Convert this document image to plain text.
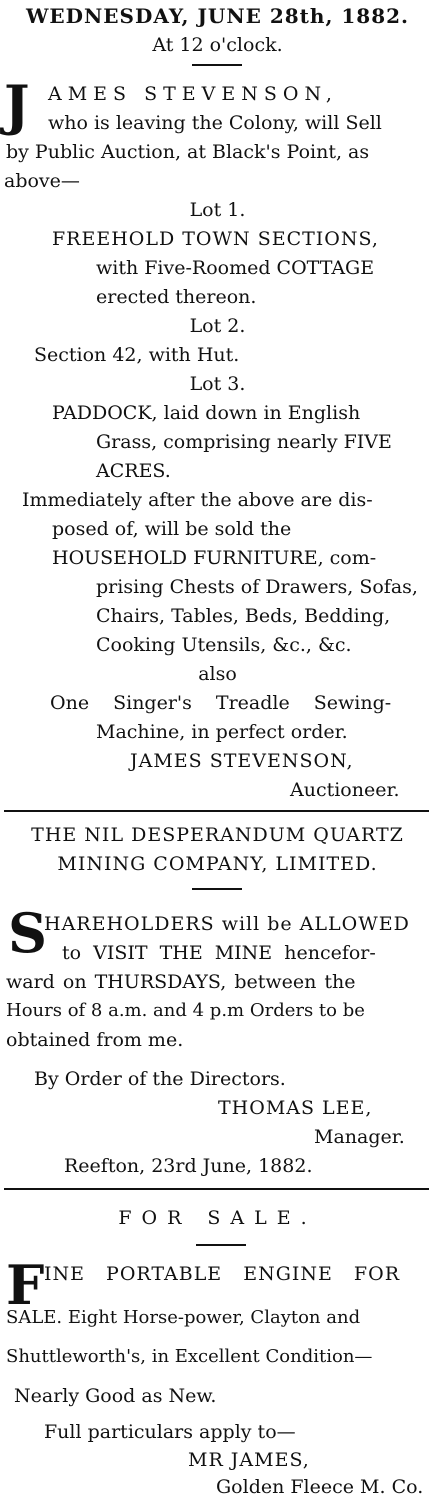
WEDNESDAY, JUNE 28th, 1882.
At 12 o'clock.
J AMES STEVENSON,
who is leaving the Colony, will Sell
by Public Auction, at Black's Point, as
above—
Lot 1.
FREEHOLD TOWN SECTIONS,
with Five-Roomed COTTAGE
erected thereon.
Lot 2.
Section 42, with Hut.
Lot 3.
PADDOCK, laid down in English
Grass, comprising nearly FIVE
ACRES.
Immediately after the above are dis-
posed of, will be sold the
HOUSEHOLD FURNITURE, com-
prising Chests of Drawers, Sofas,
Chairs, Tables, Beds, Bedding,
Cooking Utensils, &c., &c.
also
One Singer's Treadle Sewing-
Machine, in perfect order.
JAMES STEVENSON,
Auctioneer.
THE NIL DESPERANDUM QUARTZ
MINING COMPANY, LIMITED.
S
HAREHOLDERS will be ALLOWED
to VISIT THE MINE hencefor-
ward on THURSDAYS, between the
Hours of 8 a.m. and 4 p.m Orders to be
obtained from me.
By Order of the Directors.
THOMAS LEE,
Manager.
Reefton, 23rd June, 1882.
FOR SALE.
F INE PORTABLE ENGINE FOR
SALE. Eight Horse-power, Clayton and
Shuttleworth's, in Excellent Condition—
Nearly Good as New.
Full particulars apply to—
MR JAMES,
Golden Fleece M. Co.
